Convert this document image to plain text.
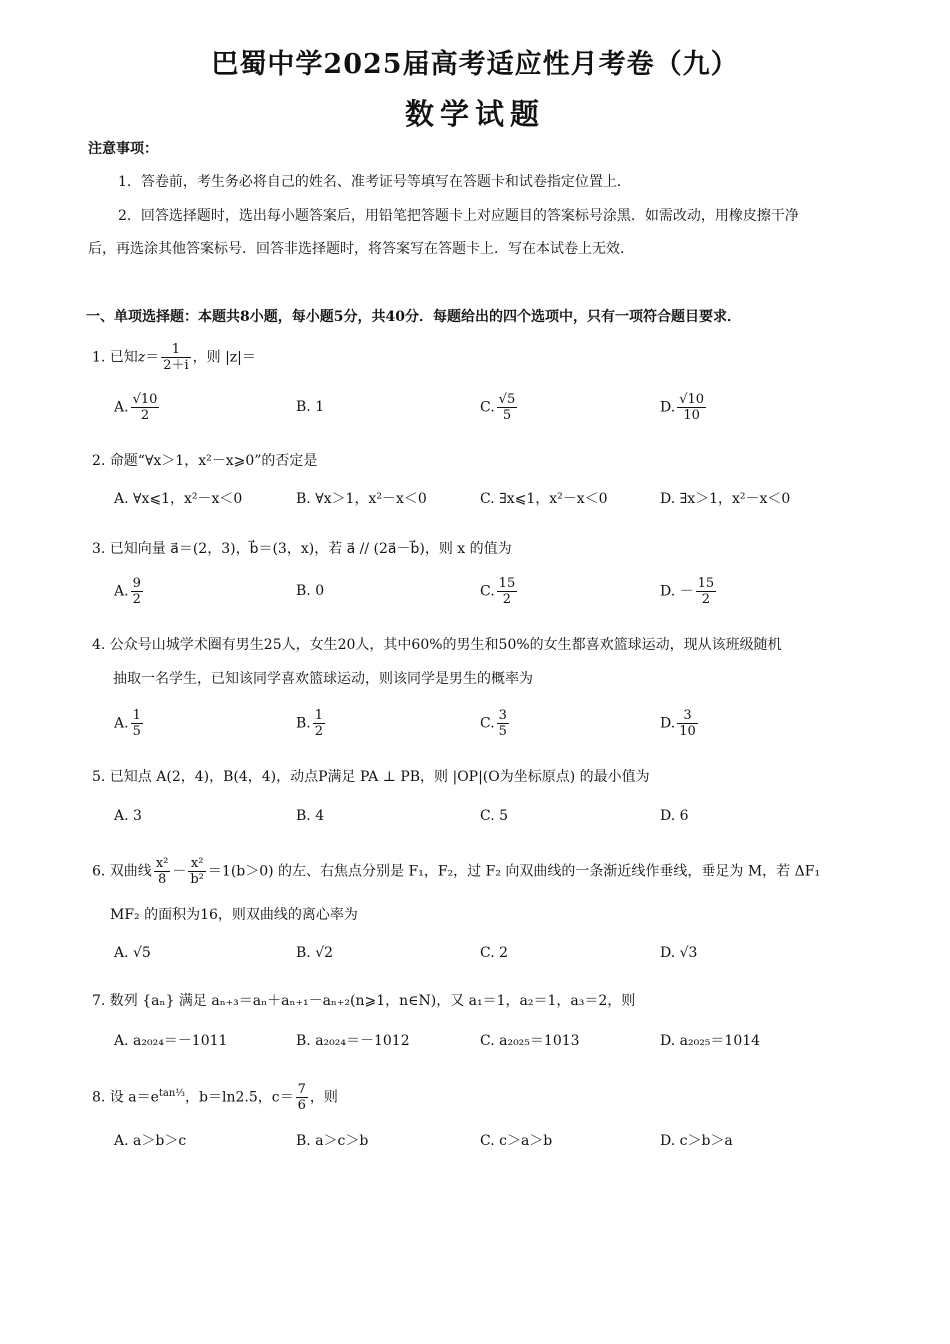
巴蜀中学2025届高考适应性月考卷（九）
数学试题
注意事项：
1．答卷前，考生务必将自己的姓名、准考证号等填写在答题卡和试卷指定位置上．
2．回答选择题时，选出每小题答案后，用铅笔把答题卡上对应题目的答案标号涂黑．如需改动，用橡皮擦干净
后，再选涂其他答案标号．回答非选择题时，将答案写在答题卡上．写在本试卷上无效．
一、单项选择题：本题共8小题，每小题5分，共40分．每题给出的四个选项中，只有一项符合题目要求．
1. 已知$z= \frac{1}{2+i}$ ，则 |z|＝
A. $\frac{√10}{2}$	B. 1	C. $\frac{√5}{5}$	D. $\frac{√10}{10}$
2. 命题“∀x＞1，x²－x⩾0”的否定是
A. ∀x⩽1，x²－x＜0	B. ∀x＞1，x²－x＜0	C. ∃x⩽1，x²－x＜0	D. ∃x＞1，x²－x＜0
3. 已知向量 a⃗＝(2，3)，b⃗＝(3，x)，若 a⃗ // (2a⃗－b⃗)，则 x 的值为
A. $\frac{9}{2}$	B. 0	C. $\frac{15}{2}$	D. － $\frac{15}{2}$
4. 公众号山城学术圈有男生25人，女生20人，其中60%的男生和50%的女生都喜欢篮球运动，现从该班级随机
抽取一名学生，已知该同学喜欢篮球运动，则该同学是男生的概率为
A. $\frac{1}{5}$	B. $\frac{1}{2}$	C. $\frac{3}{5}$	D. $\frac{3}{10}$
5. 已知点 A(2，4)，B(4，4)，动点P满足 PA ⊥ PB，则 |OP|(O为坐标原点) 的最小值为
A. 3	B. 4	C. 5	D. 6
6. 双曲线 $\frac{\text{x²}}{8} - \frac{\text{x²}}{\text{b²}} =1(b>0)$ 的左、右焦点分别是 F₁，F₂，过 F₂ 向双曲线的一条渐近线作垂线，垂足为 M，若 ΔF₁
MF₂ 的面积为16，则双曲线的离心率为
A. √5	B. √2	C. 2	D. √3
7. 数列 {aₙ} 满足 aₙ₊₃＝aₙ＋aₙ₊₁－aₙ₊₂(n⩾1，n∈N)，又 a₁＝1，a₂＝1，a₃＝2，则
A. a₂₀₂₄＝－1011	B. a₂₀₂₄＝－1012	C. a₂₀₂₅＝1013	D. a₂₀₂₅＝1014
8. 设 $a=e^{tan\frac{1}{3}}$，b＝ln2.5，$c= \frac{7}{6}$ ，则
A. a＞b＞c	B. a＞c＞b	C. c＞a＞b	D. c＞b＞a
